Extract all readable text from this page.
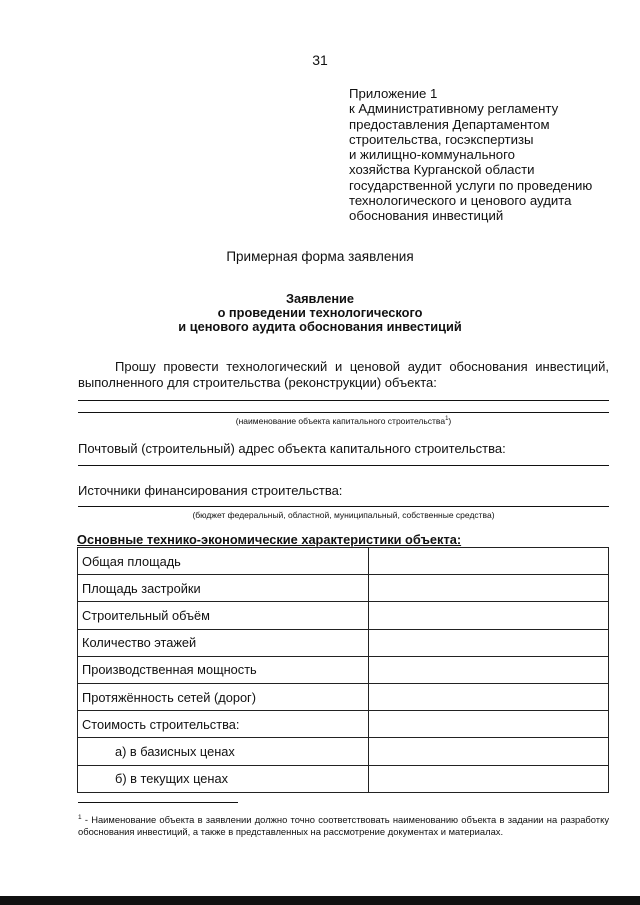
31
Приложение 1
к Административному регламенту
предоставления Департаментом
строительства, госэкспертизы
и жилищно-коммунального
хозяйства Курганской области
государственной услуги по проведению
технологического и ценового аудита
обоснования инвестиций
Примерная форма заявления
Заявление
о проведении технологического
и ценового аудита обоснования инвестиций
Прошу провести технологический и ценовой аудит обоснования инвестиций, выполненного для строительства (реконструкции) объекта:
(наименование объекта капитального строительства$^1$)
Почтовый (строительный) адрес объекта капитального строительства:
Источники финансирования строительства:
(бюджет федеральный, областной, муниципальный, собственные средства)
Основные технико-экономические характеристики объекта:
Общая площадь	
Площадь застройки	
Строительный объём	
Количество этажей	
Производственная мощность	
Протяжённость сетей (дорог)	
Стоимость строительства:	
а) в базисных ценах	
б) в текущих ценах	
$^1$ - Наименование объекта в заявлении должно точно соответствовать наименованию объекта в задании на разработку обоснования инвестиций, а также в представленных на рассмотрение документах и материалах.
